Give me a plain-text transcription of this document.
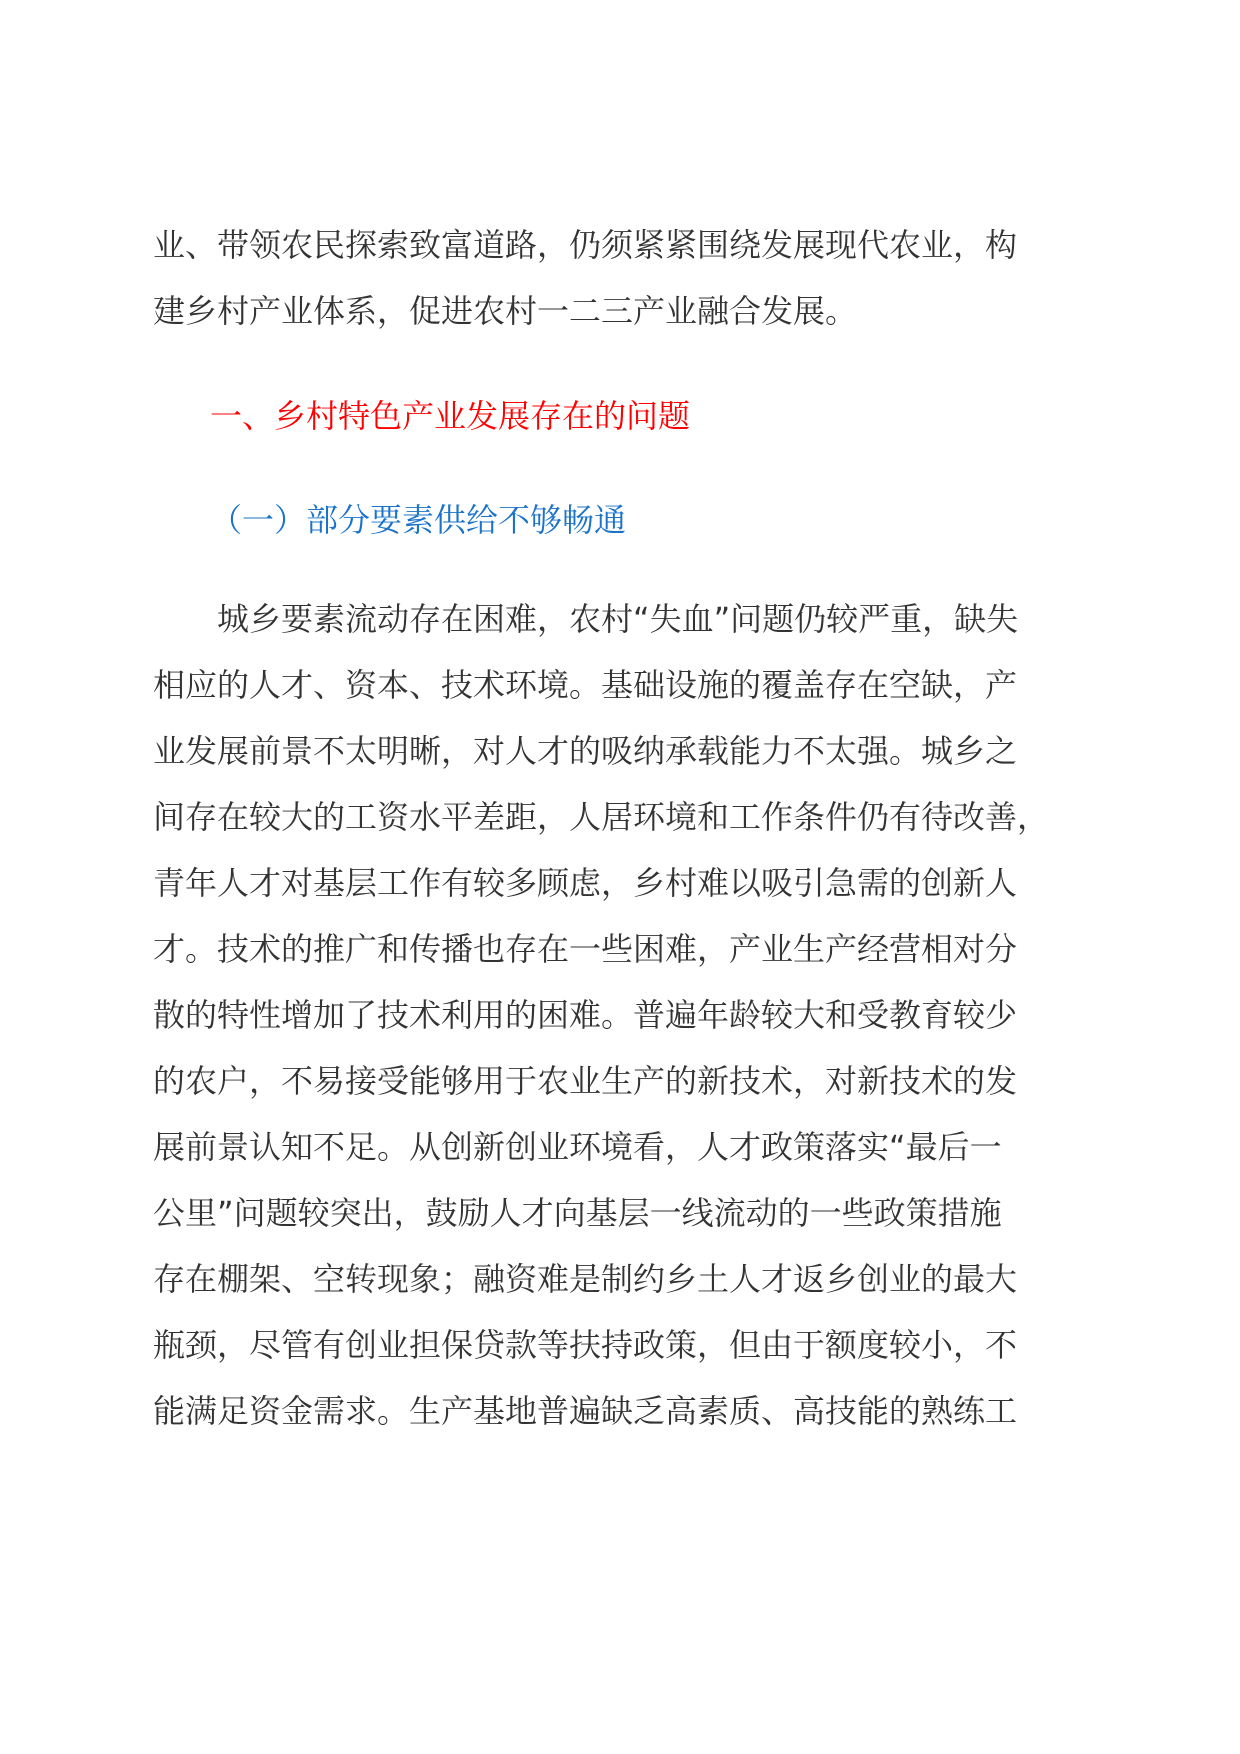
业、带领农民探索致富道路，仍须紧紧围绕发展现代农业，构
建乡村产业体系，促进农村一二三产业融合发展。
一、乡村特色产业发展存在的问题
（一）部分要素供给不够畅通
　　城乡要素流动存在困难，农村“失血”问题仍较严重，缺失
相应的人才、资本、技术环境。基础设施的覆盖存在空缺，产
业发展前景不太明晰，对人才的吸纳承载能力不太强。城乡之
间存在较大的工资水平差距，人居环境和工作条件仍有待改善，
青年人才对基层工作有较多顾虑，乡村难以吸引急需的创新人
才。技术的推广和传播也存在一些困难，产业生产经营相对分
散的特性增加了技术利用的困难。普遍年龄较大和受教育较少
的农户，不易接受能够用于农业生产的新技术，对新技术的发
展前景认知不足。从创新创业环境看，人才政策落实“最后一
公里”问题较突出，鼓励人才向基层一线流动的一些政策措施
存在棚架、空转现象；融资难是制约乡土人才返乡创业的最大
瓶颈，尽管有创业担保贷款等扶持政策，但由于额度较小，不
能满足资金需求。生产基地普遍缺乏高素质、高技能的熟练工
